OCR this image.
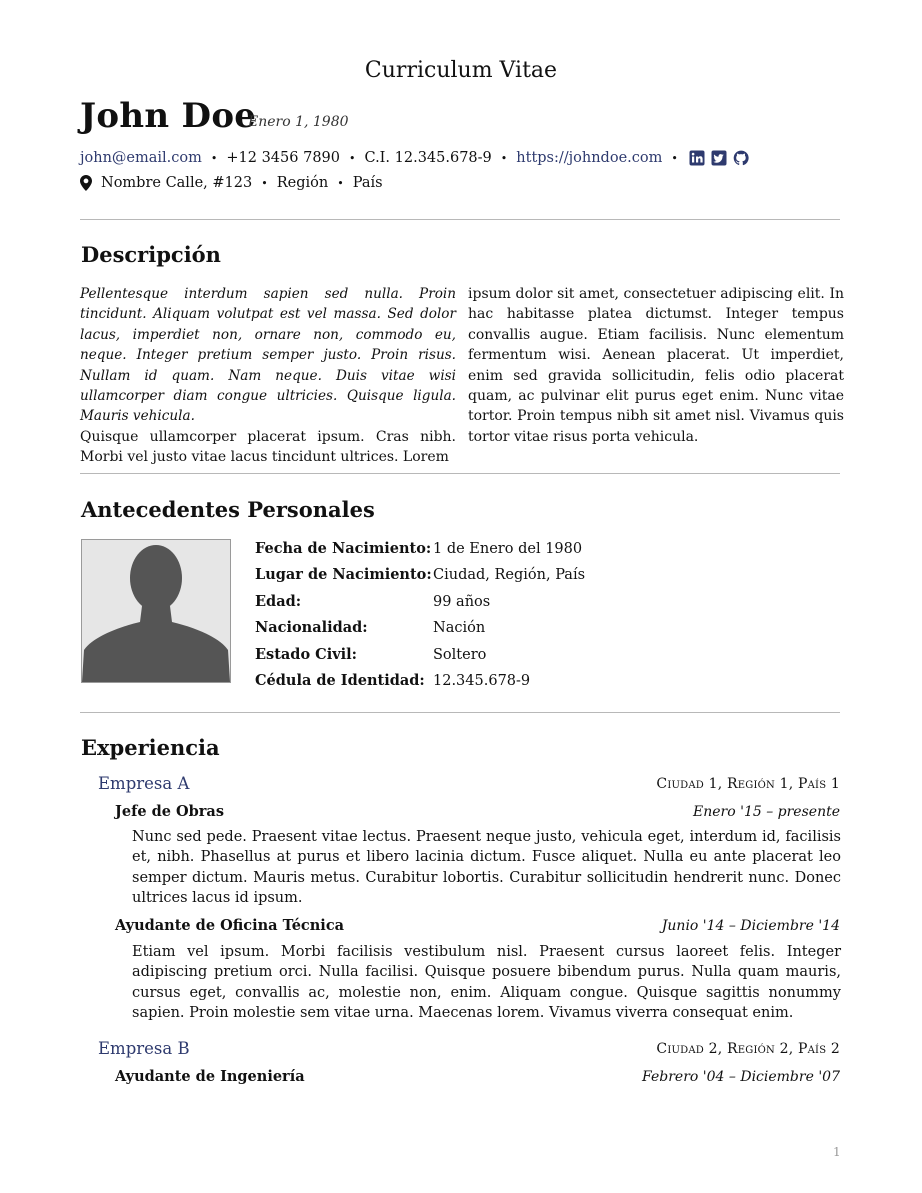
Curriculum Vitae
John Doe
Enero 1, 1980
john@email.com • +12 3456 7890 • C.I. 12.345.678-9 • https://johndoe.com •
Nombre Calle, #123 • Región • País
Descripción
Pellentesque interdum sapien sed nulla. Proin tincidunt. Aliquam volutpat est vel massa. Sed dolor lacus, imperdiet non, ornare non, commodo eu, neque. Integer pretium semper justo. Proin risus. Nullam id quam. Nam neque. Duis vitae wisi ullamcorper diam congue ultricies. Quisque ligula. Mauris vehicula.
Quisque ullamcorper placerat ipsum. Cras nibh. Morbi vel justo vitae lacus tincidunt ultrices. Lorem
ipsum dolor sit amet, consectetuer adipiscing elit. In hac habitasse platea dictumst. Integer tempus convallis augue. Etiam facilisis. Nunc elementum fermentum wisi. Aenean placerat. Ut imperdiet, enim sed gravida sollicitudin, felis odio placerat quam, ac pulvinar elit purus eget enim. Nunc vitae tortor. Proin tempus nibh sit amet nisl. Vivamus quis tortor vitae risus porta vehicula.
Antecedentes Personales
Fecha de Nacimiento: 1 de Enero del 1980
Lugar de Nacimiento: Ciudad, Región, País
Edad:	99 años
Nacionalidad:	Nación
Estado Civil:	Soltero
Cédula de Identidad: 12.345.678-9
Experiencia
Empresa A	Ciudad 1, Región 1, País 1
Jefe de Obras	Enero '15 – presente
Nunc sed pede. Praesent vitae lectus. Praesent neque justo, vehicula eget, interdum id, facilisis et, nibh. Phasellus at purus et libero lacinia dictum. Fusce aliquet. Nulla eu ante placerat leo semper dictum. Mauris metus. Curabitur lobortis. Curabitur sollicitudin hendrerit nunc. Donec ultrices lacus id ipsum.
Ayudante de Oficina Técnica	Junio '14 – Diciembre '14
Etiam vel ipsum. Morbi facilisis vestibulum nisl. Praesent cursus laoreet felis. Integer adipiscing pretium orci. Nulla facilisi. Quisque posuere bibendum purus. Nulla quam mauris, cursus eget, convallis ac, molestie non, enim. Aliquam congue. Quisque sagittis nonummy sapien. Proin molestie sem vitae urna. Maecenas lorem. Vivamus viverra consequat enim.
Empresa B	Ciudad 2, Región 2, País 2
Ayudante de Ingeniería	Febrero '04 – Diciembre '07
1
